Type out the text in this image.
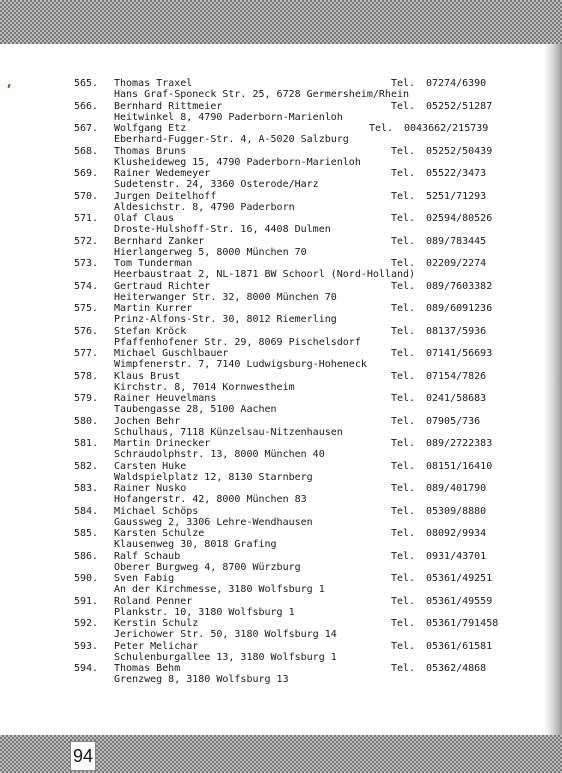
565. Thomas Traxel	Tel. 07274/6390
Hans Graf-Sponeck Str. 25, 6728 Germersheim/Rhein
566. Bernhard Rittmeier	Tel. 05252/51287
Heitwinkel 8, 4790 Paderborn-Marienloh
567. Wolfgang Etz	Tel. 0043662/215739
Eberhard-Fugger-Str. 4, A-5020 Salzburg
568. Thomas Bruns	Tel. 05252/50439
Klusheideweg 15, 4790 Paderborn-Marienloh
569. Rainer Wedemeyer	Tel. 05522/3473
Sudetenstr. 24, 3360 Osterode/Harz
570. Jurgen Deitelhoff	Tel. 5251/71293
Aldesichstr. 8, 4790 Paderborn
571. Olaf Claus	Tel. 02594/80526
Droste-Hulshoff-Str. 16, 4408 Dulmen
572. Bernhard Zanker	Tel. 089/783445
Hierlangerweg 5, 8000 München 70
573. Tom Tunderman	Tel. 02209/2274
Heerbaustraat 2, NL-1871 BW Schoorl (Nord-Holland)
574. Gertraud Richter	Tel. 089/7603382
Heiterwanger Str. 32, 8000 München 70
575. Martin Kurrer	Tel. 089/6091236
Prinz-Alfons-Str. 30, 8012 Riemerling
576. Stefan Kröck	Tel. 08137/5936
Pfaffenhofener Str. 29, 8069 Pischelsdorf
577. Michael Guschlbauer	Tel. 07141/56693
Wimpfenerstr. 7, 7140 Ludwigsburg-Hoheneck
578. Klaus Brust	Tel. 07154/7826
Kirchstr. 8, 7014 Kornwestheim
579. Rainer Heuvelmans	Tel. 0241/58683
Taubengasse 28, 5100 Aachen
580. Jochen Behr	Tel. 07905/736
Schulhaus, 7118 Künzelsau-Nitzenhausen
581. Martin Drinecker	Tel. 089/2722383
Schraudolphstr. 13, 8000 München 40
582. Carsten Huke	Tel. 08151/16410
Waldspielplatz 12, 8130 Starnberg
583. Rainer Nusko	Tel. 089/401790
Hofangerstr. 42, 8000 München 83
584. Michael Schöps	Tel. 05309/8880
Gaussweg 2, 3306 Lehre-Wendhausen
585. Karsten Schulze	Tel. 08092/9934
Klausenweg 30, 8018 Grafing
586. Ralf Schaub	Tel. 0931/43701
Oberer Burgweg 4, 8700 Würzburg
590. Sven Fabig	Tel. 05361/49251
An der Kirchmesse, 3180 Wolfsburg 1
591. Roland Penner	Tel. 05361/49559
Plankstr. 10, 3180 Wolfsburg 1
592. Kerstin Schulz	Tel. 05361/791458
Jerichower Str. 50, 3180 Wolfsburg 14
593. Peter Melichar	Tel. 05361/61581
Schulenburgallee 13, 3180 Wolfsburg 1
594. Thomas Behm	Tel. 05362/4868
Grenzweg 8, 3180 Wolfsburg 13
94
